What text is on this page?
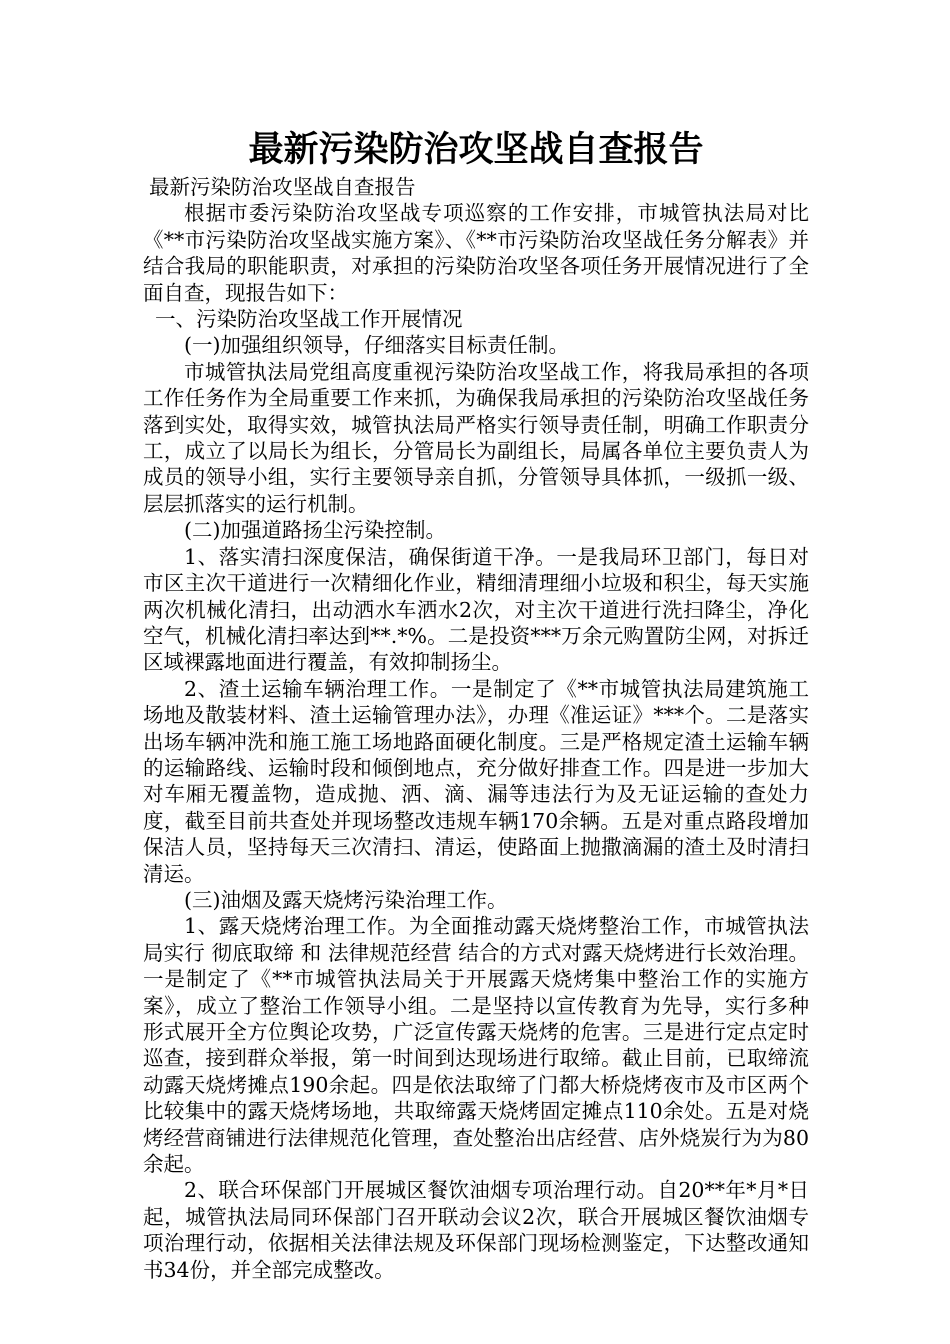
最新污染防治攻坚战自查报告

最新污染防治攻坚战自查报告

根据市委污染防治攻坚战专项巡察的工作安排，市城管执法局对比《**市污染防治攻坚战实施方案》、《**市污染防治攻坚战任务分解表》并结合我局的职能职责，对承担的污染防治攻坚各项任务开展情况进行了全面自查，现报告如下：

一、污染防治攻坚战工作开展情况

(一)加强组织领导，仔细落实目标责任制。

市城管执法局党组高度重视污染防治攻坚战工作，将我局承担的各项工作任务作为全局重要工作来抓，为确保我局承担的污染防治攻坚战任务落到实处，取得实效，城管执法局严格实行领导责任制，明确工作职责分工，成立了以局长为组长，分管局长为副组长，局属各单位主要负责人为成员的领导小组，实行主要领导亲自抓，分管领导具体抓，一级抓一级、层层抓落实的运行机制。

(二)加强道路扬尘污染控制。

1、落实清扫深度保洁，确保街道干净。一是我局环卫部门，每日对市区主次干道进行一次精细化作业，精细清理细小垃圾和积尘，每天实施两次机械化清扫，出动洒水车洒水2次，对主次干道进行洗扫降尘，净化空气，机械化清扫率达到**.*%。二是投资***万余元购置防尘网，对拆迁区域裸露地面进行覆盖，有效抑制扬尘。

2、渣土运输车辆治理工作。一是制定了《**市城管执法局建筑施工场地及散装材料、渣土运输管理办法》，办理《准运证》***个。二是落实出场车辆冲洗和施工施工场地路面硬化制度。三是严格规定渣土运输车辆的运输路线、运输时段和倾倒地点，充分做好排查工作。四是进一步加大对车厢无覆盖物，造成抛、洒、滴、漏等违法行为及无证运输的查处力度，截至目前共查处并现场整改违规车辆170余辆。五是对重点路段增加保洁人员，坚持每天三次清扫、清运，使路面上抛撒滴漏的渣土及时清扫清运。

(三)油烟及露天烧烤污染治理工作。

1、露天烧烤治理工作。为全面推动露天烧烤整治工作，市城管执法局实行 彻底取缔 和 法律规范经营 结合的方式对露天烧烤进行长效治理。一是制定了《**市城管执法局关于开展露天烧烤集中整治工作的实施方案》，成立了整治工作领导小组。二是坚持以宣传教育为先导，实行多种形式展开全方位舆论攻势，广泛宣传露天烧烤的危害。三是进行定点定时巡查，接到群众举报，第一时间到达现场进行取缔。截止目前，已取缔流动露天烧烤摊点190余起。四是依法取缔了门都大桥烧烤夜市及市区两个比较集中的露天烧烤场地，共取缔露天烧烤固定摊点110余处。五是对烧烤经营商铺进行法律规范化管理，查处整治出店经营、店外烧炭行为为80余起。

2、联合环保部门开展城区餐饮油烟专项治理行动。自20**年*月*日起，城管执法局同环保部门召开联动会议2次，联合开展城区餐饮油烟专项治理行动，依据相关法律法规及环保部门现场检测鉴定，下达整改通知书34份，并全部完成整改。
